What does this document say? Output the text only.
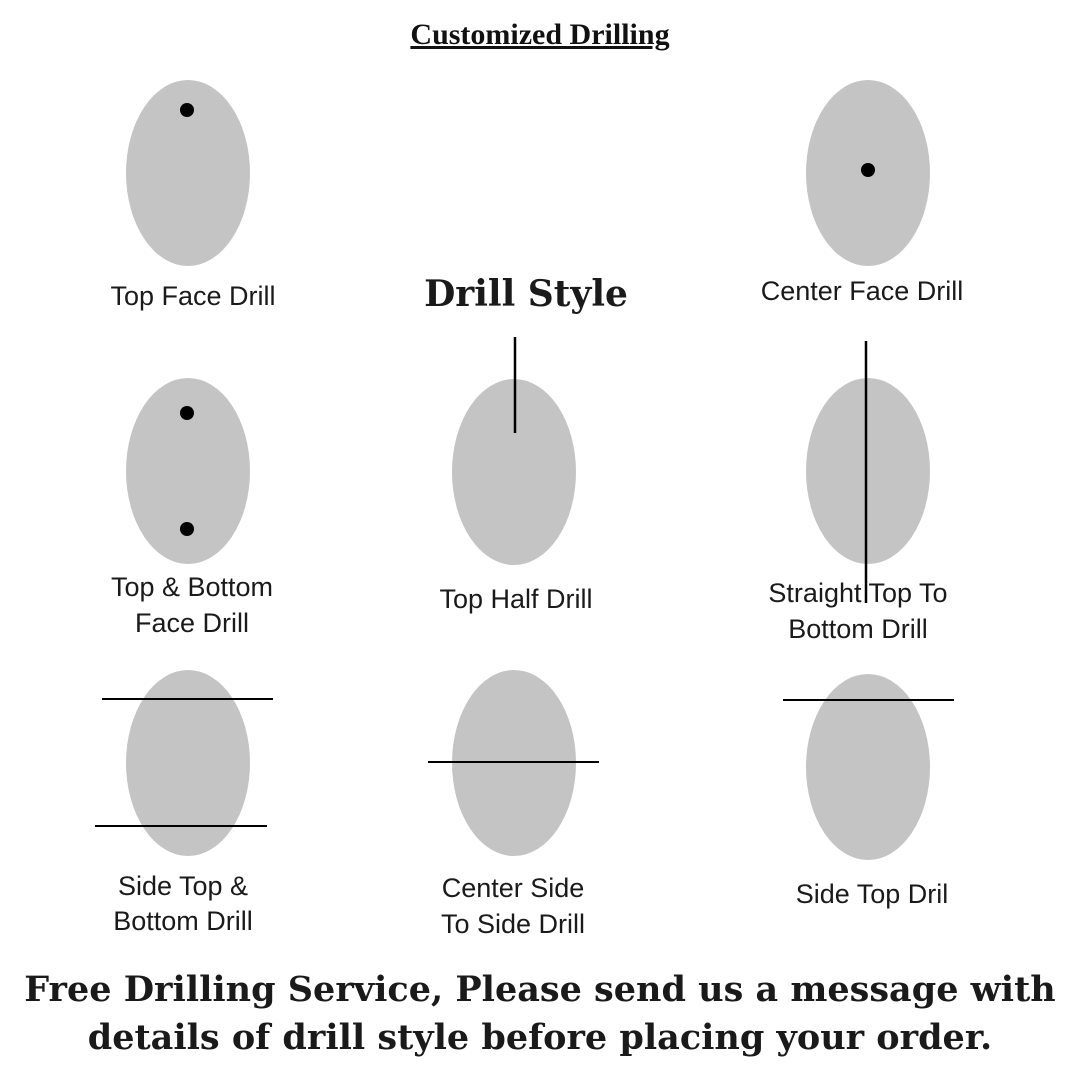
Customized Drilling
Top Face Drill	Drill Style	Center Face Drill
Top & Bottom
Face Drill
Top Half Drill	Straight Top To
Bottom Drill
Side Top &
Bottom Drill
Center Side
To Side Drill
Side Top Dril
Free Drilling Service, Please send us a message with
details of drill style before placing your order.
